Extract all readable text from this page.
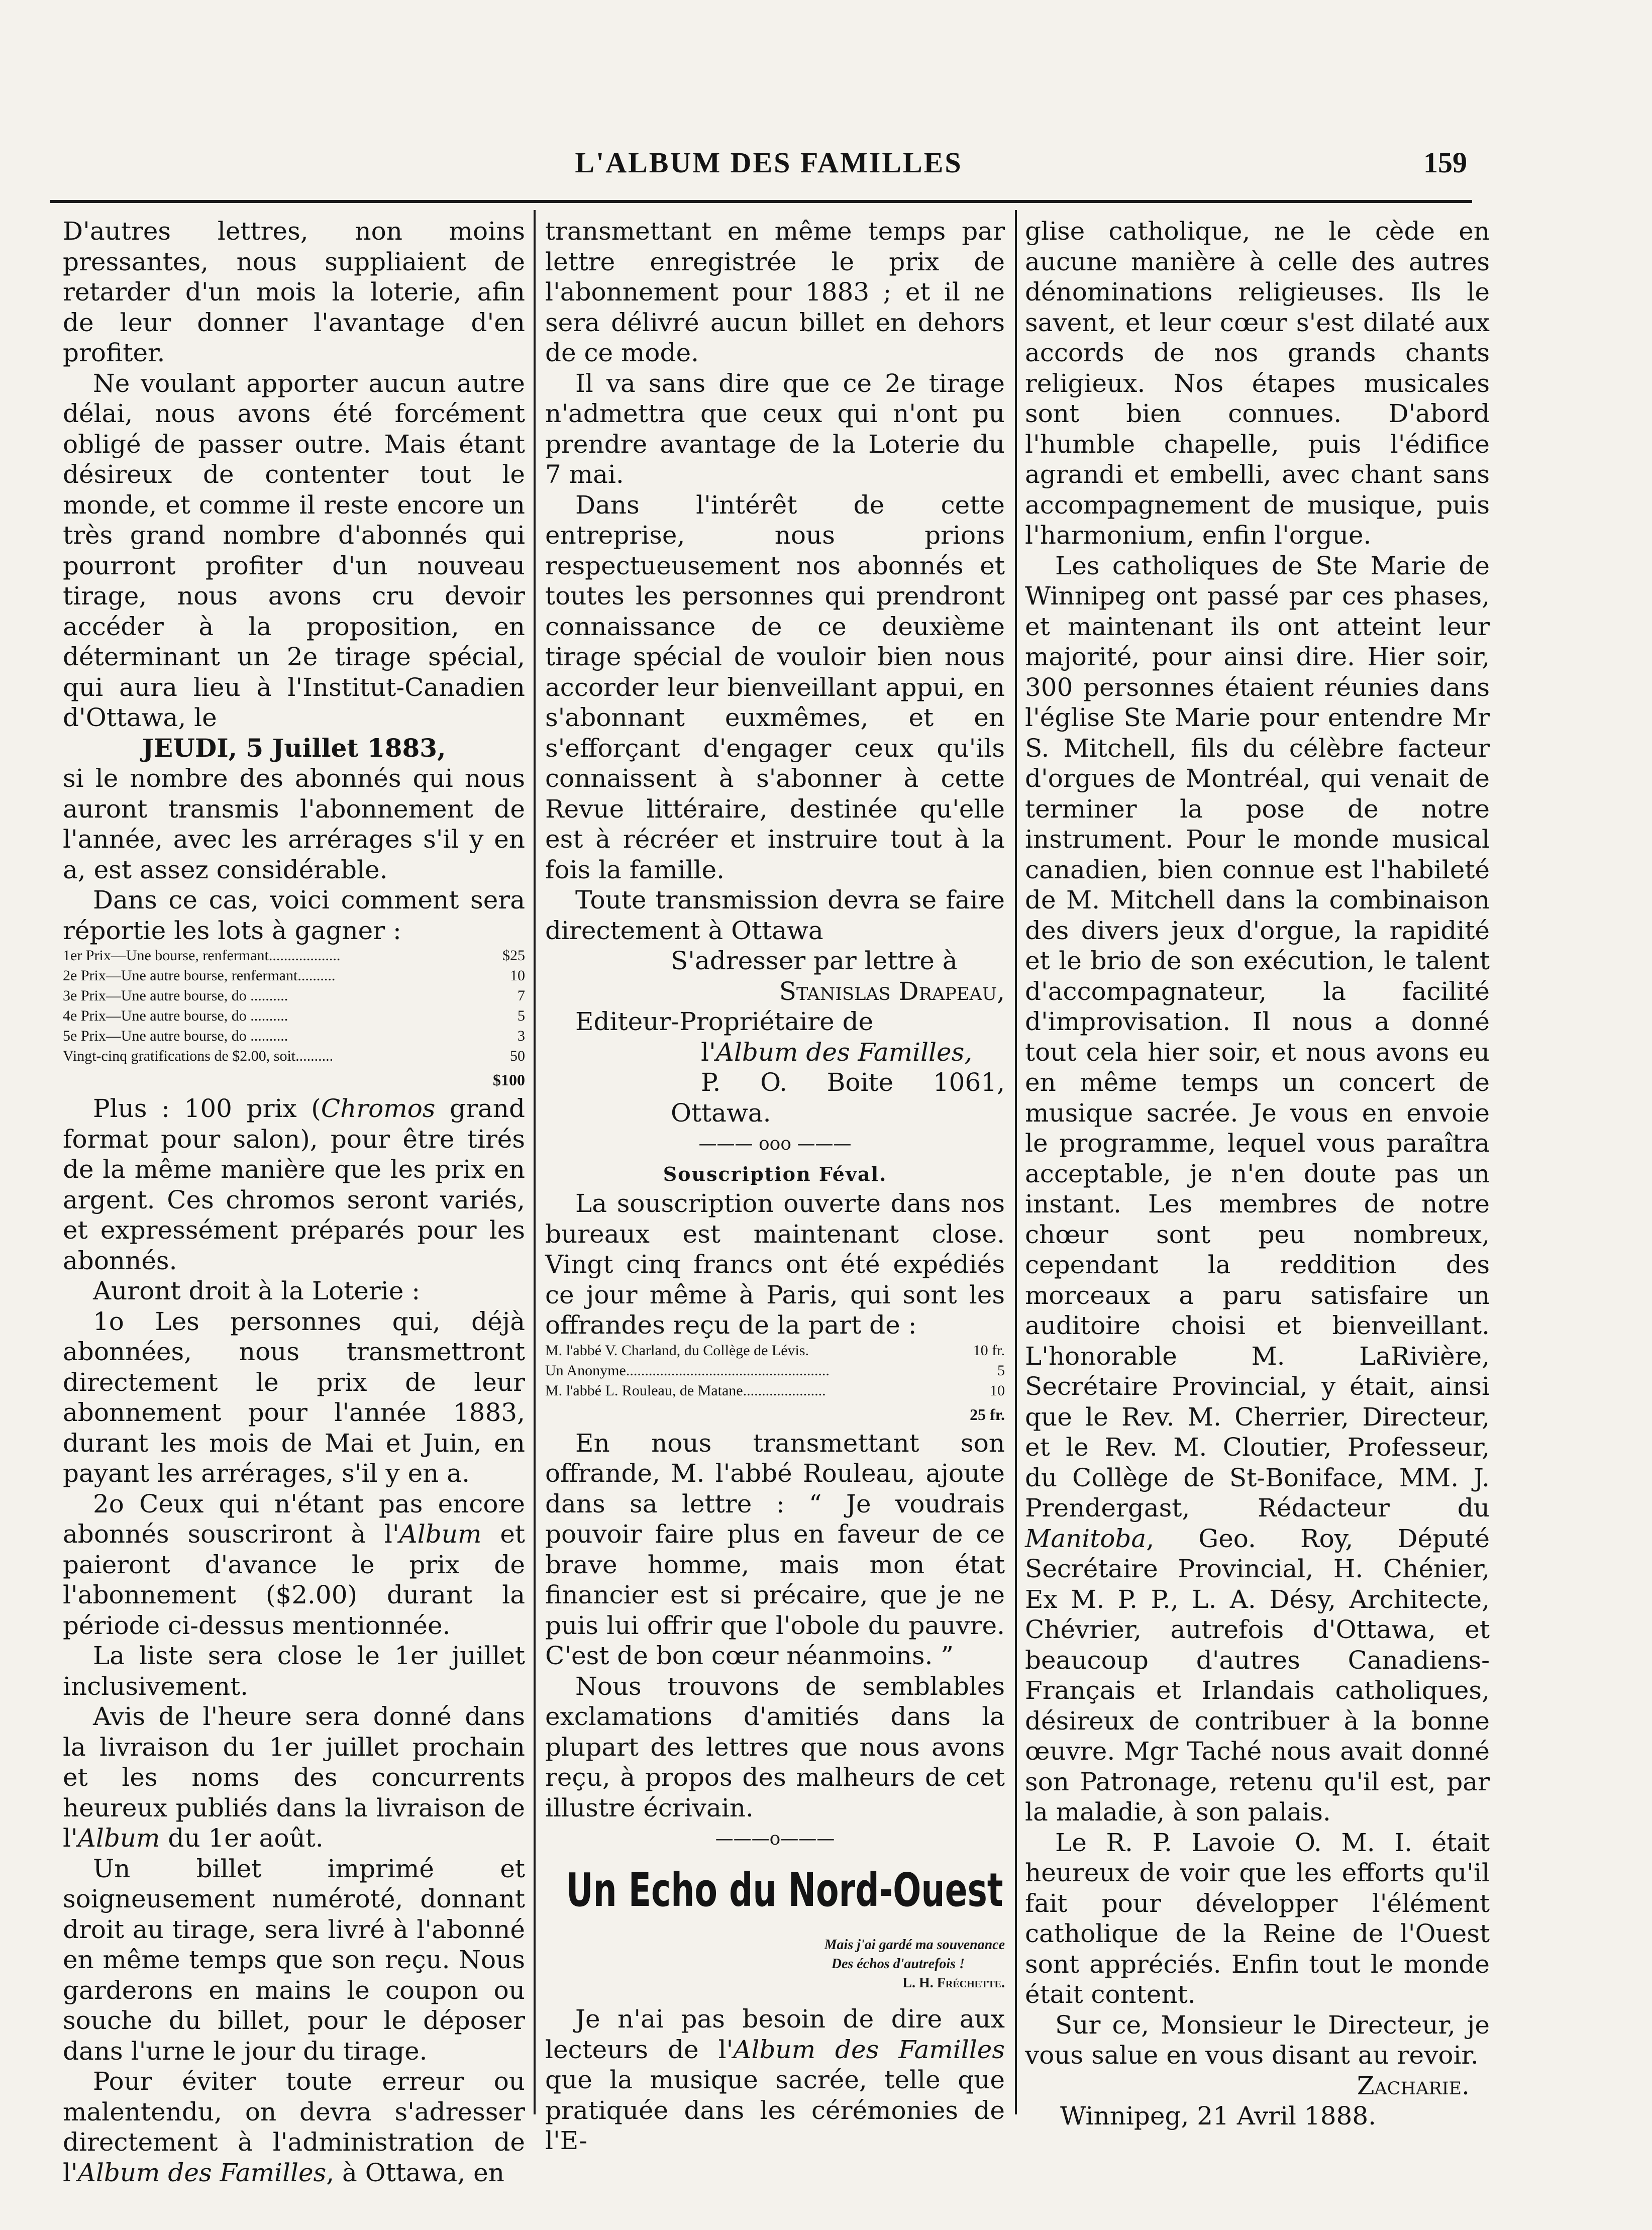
L'ALBUM DES FAMILLES	159

D'autres lettres, non moins pressantes, nous suppliaient de retarder d'un mois la loterie, afin de leur donner l'avantage d'en profiter.

Ne voulant apporter aucun autre délai, nous avons été forcément obligé de passer outre. Mais étant désireux de contenter tout le monde, et comme il reste encore un très grand nombre d'abonnés qui pourront profiter d'un nouveau tirage, nous avons cru devoir accéder à la proposition, en déterminant un 2e tirage spécial, qui aura lieu à l'Institut-Canadien d'Ottawa, le

JEUDI, 5 Juillet 1883,

si le nombre des abonnés qui nous auront transmis l'abonnement de l'année, avec les arrérages s'il y en a, est assez considérable.

Dans ce cas, voici comment sera réportie les lots à gagner :

1er Prix—Une bourse, renfermant...................	$25
2e Prix—Une autre bourse, renfermant..........	10
3e Prix—Une autre bourse, do ..........	7
4e Prix—Une autre bourse, do ..........	5
5e Prix—Une autre bourse, do ..........	3
Vingt-cinq gratifications de $2.00, soit..........	50
$100

Plus : 100 prix (Chromos grand format pour salon), pour être tirés de la même manière que les prix en argent. Ces chromos seront variés, et expressément préparés pour les abonnés.

Auront droit à la Loterie :

1o Les personnes qui, déjà abonnées, nous transmettront directement le prix de leur abonnement pour l'année 1883, durant les mois de Mai et Juin, en payant les arrérages, s'il y en a.

2o Ceux qui n'étant pas encore abonnés souscriront à l'Album et paieront d'avance le prix de l'abonnement ($2.00) durant la période ci-dessus mentionnée.

La liste sera close le 1er juillet inclusivement.

Avis de l'heure sera donné dans la livraison du 1er juillet prochain et les noms des concurrents heureux publiés dans la livraison de l'Album du 1er août.

Un billet imprimé et soigneusement numéroté, donnant droit au tirage, sera livré à l'abonné en même temps que son reçu. Nous garderons en mains le coupon ou souche du billet, pour le déposer dans l'urne le jour du tirage.

Pour éviter toute erreur ou malentendu, on devra s'adresser directement à l'administration de l'Album des Familles, à Ottawa, en

transmettant en même temps par lettre enregistrée le prix de l'abonnement pour 1883 ; et il ne sera délivré aucun billet en dehors de ce mode.

Il va sans dire que ce 2e tirage n'admettra que ceux qui n'ont pu prendre avantage de la Loterie du 7 mai.

Dans l'intérêt de cette entreprise, nous prions respectueusement nos abonnés et toutes les personnes qui prendront connaissance de ce deuxième tirage spécial de vouloir bien nous accorder leur bienveillant appui, en s'abonnant euxmêmes, et en s'efforçant d'engager ceux qu'ils connaissent à s'abonner à cette Revue littéraire, destinée qu'elle est à récréer et instruire tout à la fois la famille.

Toute transmission devra se faire directement à Ottawa

S'adresser par lettre à

Stanislas Drapeau,

Editeur-Propriétaire de

l'Album des Familles,

P. O. Boite 1061, Ottawa.

——— ooo ———
Souscription Féval.

La souscription ouverte dans nos bureaux est maintenant close. Vingt cinq francs ont été expédiés ce jour même à Paris, qui sont les offrandes reçu de la part de :

M. l'abbé V. Charland, du Collège de Lévis.	10 fr.
Un Anonyme......................................................	5
M. l'abbé L. Rouleau, de Matane......................	10
25 fr.

En nous transmettant son offrande, M. l'abbé Rouleau, ajoute dans sa lettre : “ Je voudrais pouvoir faire plus en faveur de ce brave homme, mais mon état financier est si précaire, que je ne puis lui offrir que l'obole du pauvre. C'est de bon cœur néanmoins. ”

Nous trouvons de semblables exclamations d'amitiés dans la plupart des lettres que nous avons reçu, à propos des malheurs de cet illustre écrivain.

———o———
Un Echo du Nord-Ouest
Mais j'ai gardé ma souvenance
Des échos d'autrefois !
L. H. Fréchette.

Je n'ai pas besoin de dire aux lecteurs de l'Album des Familles que la musique sacrée, telle que pratiquée dans les cérémonies de l'E-

glise catholique, ne le cède en aucune manière à celle des autres dénominations religieuses. Ils le savent, et leur cœur s'est dilaté aux accords de nos grands chants religieux. Nos étapes musicales sont bien connues. D'abord l'humble chapelle, puis l'édifice agrandi et embelli, avec chant sans accompagnement de musique, puis l'harmonium, enfin l'orgue.

Les catholiques de Ste Marie de Winnipeg ont passé par ces phases, et maintenant ils ont atteint leur majorité, pour ainsi dire. Hier soir, 300 personnes étaient réunies dans l'église Ste Marie pour entendre Mr S. Mitchell, fils du célèbre facteur d'orgues de Montréal, qui venait de terminer la pose de notre instrument. Pour le monde musical canadien, bien connue est l'habileté de M. Mitchell dans la combinaison des divers jeux d'orgue, la rapidité et le brio de son exécution, le talent d'accompagnateur, la facilité d'improvisation. Il nous a donné tout cela hier soir, et nous avons eu en même temps un concert de musique sacrée. Je vous en envoie le programme, lequel vous paraîtra acceptable, je n'en doute pas un instant. Les membres de notre chœur sont peu nombreux, cependant la reddition des morceaux a paru satisfaire un auditoire choisi et bienveillant. L'honorable M. LaRivière, Secrétaire Provincial, y était, ainsi que le Rev. M. Cherrier, Directeur, et le Rev. M. Cloutier, Professeur, du Collège de St-Boniface, MM. J. Prendergast, Rédacteur du Manitoba, Geo. Roy, Député Secrétaire Provincial, H. Chénier, Ex M. P. P., L. A. Désy, Architecte, Chévrier, autrefois d'Ottawa, et beaucoup d'autres Canadiens-Français et Irlandais catholiques, désireux de contribuer à la bonne œuvre. Mgr Taché nous avait donné son Patronage, retenu qu'il est, par la maladie, à son palais.

Le R. P. Lavoie O. M. I. était heureux de voir que les efforts qu'il fait pour développer l'élément catholique de la Reine de l'Ouest sont appréciés. Enfin tout le monde était content.

Sur ce, Monsieur le Directeur, je vous salue en vous disant au revoir.

Zacharie.

Winnipeg, 21 Avril 1888.
